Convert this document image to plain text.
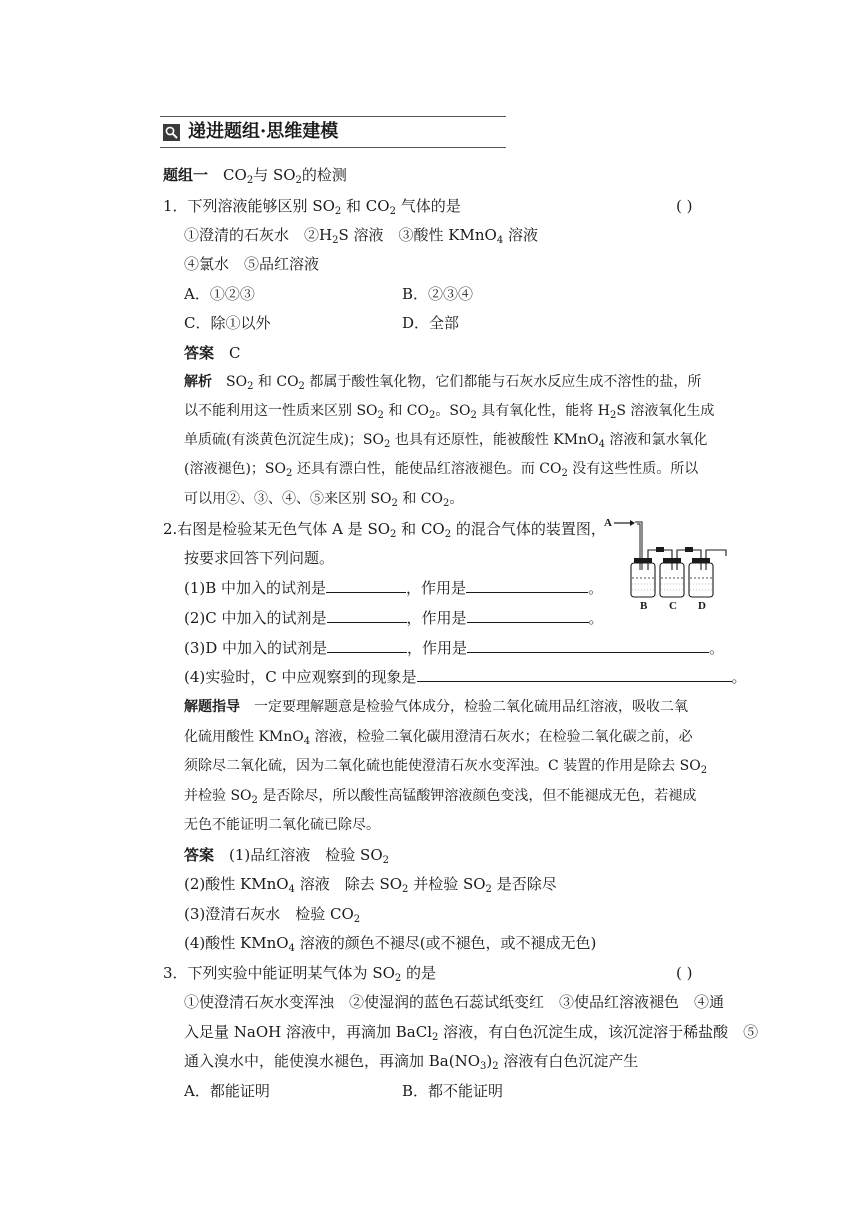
递进题组·思维建模
题组一　 $CO_2$与 $SO_2$的检测
1．下列溶液能够区别 $SO_2$ 和 $CO_2$ 气体的是	( )
①澄清的石灰水　$②H_2S$ 溶液　③酸性 KMnO$_4$ 溶液
④氯水　⑤品红溶液
A．①②③	B．②③④
C．除①以外	D．全部
答案　 C
解析　 $SO_2$ 和 $CO_2$ 都属于酸性氧化物，它们都能与石灰水反应生成不溶性的盐，所
以不能利用这一性质来区别 $SO_2$ 和 $CO_2$。$SO_2$ 具有氧化性，能将 $H_2S$ 溶液氧化生成
单质硫(有淡黄色沉淀生成)；$SO_2$ 也具有还原性，能被酸性 KMnO$_4$ 溶液和氯水氧化
(溶液褪色)；$SO_2$ 还具有漂白性，能使品红溶液褪色。而 $CO_2$ 没有这些性质。所以
可以用②、③、④、⑤来区别 $SO_2$ 和 $CO_2$。
2.右图是检验某无色气体 A 是 $SO_2$ 和 $CO_2$ 的混合气体的装置图，
按要求回答下列问题。
A
B C D
(1)B 中加入的试剂是	，作用是	。
(2)C 中加入的试剂是	，作用是	。
(3)D 中加入的试剂是	，作用是	。
(4)实验时，C 中应观察到的现象是	。
解题指导　 一定要理解题意是检验气体成分，检验二氧化硫用品红溶液，吸收二氧
化硫用酸性 KMnO$_4$ 溶液，检验二氧化碳用澄清石灰水；在检验二氧化碳之前，必
须除尽二氧化硫，因为二氧化硫也能使澄清石灰水变浑浊。C 装置的作用是除去 $SO_2$
并检验 $SO_2$ 是否除尽，所以酸性高锰酸钾溶液颜色变浅，但不能褪成无色，若褪成
无色不能证明二氧化硫已除尽。
答案　 (1)品红溶液　检验 $SO_2$
(2)酸性 KMnO$_4$ 溶液　除去 $SO_2$ 并检验 $SO_2$ 是否除尽
(3)澄清石灰水　检验 $CO_2$
(4)酸性 KMnO$_4$ 溶液的颜色不褪尽(或不褪色，或不褪成无色)
3．下列实验中能证明某气体为 $SO_2$ 的是	( )
①使澄清石灰水变浑浊　②使湿润的蓝色石蕊试纸变红　③使品红溶液褪色　④通
入足量 NaOH 溶液中，再滴加 BaCl$_2$ 溶液，有白色沉淀生成，该沉淀溶于稀盐酸　⑤
通入溴水中，能使溴水褪色，再滴加 $Ba(NO_3)_2$ 溶液有白色沉淀产生
A．都能证明	B．都不能证明
